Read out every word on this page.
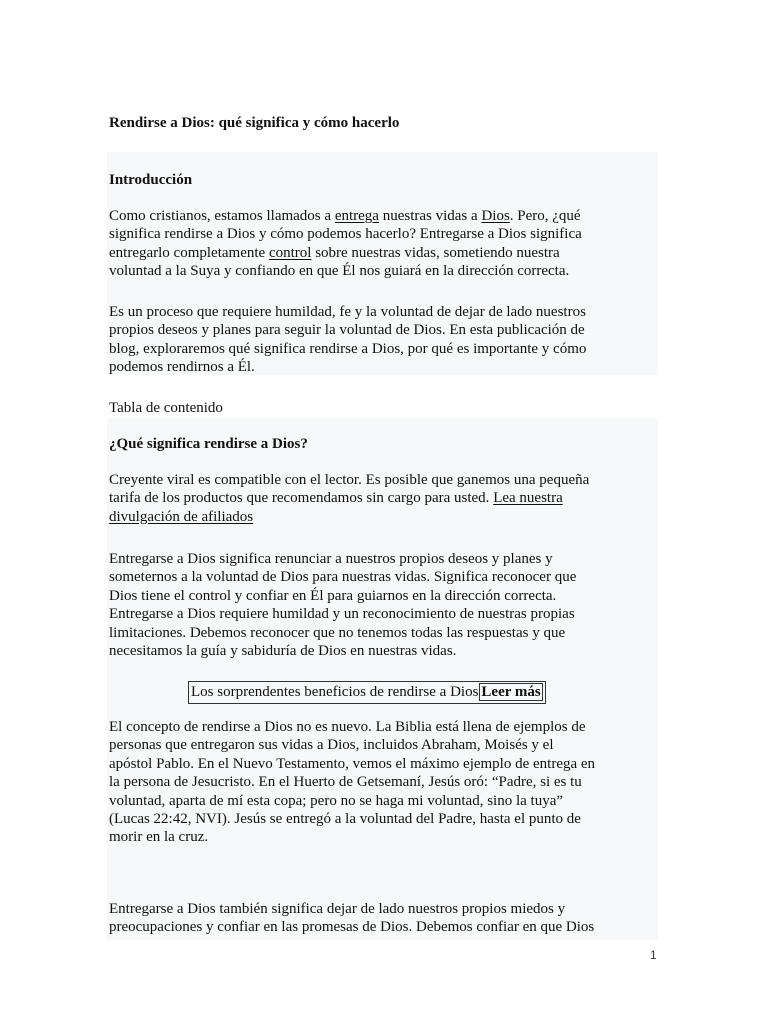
Rendirse a Dios: qué significa y cómo hacerlo
Introducción
Como cristianos, estamos llamados a entrega nuestras vidas a Dios. Pero, ¿qué
significa rendirse a Dios y cómo podemos hacerlo? Entregarse a Dios significa
entregarlo completamente control sobre nuestras vidas, sometiendo nuestra
voluntad a la Suya y confiando en que Él nos guiará en la dirección correcta.
Es un proceso que requiere humildad, fe y la voluntad de dejar de lado nuestros
propios deseos y planes para seguir la voluntad de Dios. En esta publicación de
blog, exploraremos qué significa rendirse a Dios, por qué es importante y cómo
podemos rendirnos a Él.
Tabla de contenido
¿Qué significa rendirse a Dios?
Creyente viral es compatible con el lector. Es posible que ganemos una pequeña
tarifa de los productos que recomendamos sin cargo para usted. Lea nuestra
divulgación de afiliados
Entregarse a Dios significa renunciar a nuestros propios deseos y planes y
someternos a la voluntad de Dios para nuestras vidas. Significa reconocer que
Dios tiene el control y confiar en Él para guiarnos en la dirección correcta.
Entregarse a Dios requiere humildad y un reconocimiento de nuestras propias
limitaciones. Debemos reconocer que no tenemos todas las respuestas y que
necesitamos la guía y sabiduría de Dios en nuestras vidas.
Los sorprendentes beneficios de rendirse a Dios Leer más
El concepto de rendirse a Dios no es nuevo. La Biblia está llena de ejemplos de
personas que entregaron sus vidas a Dios, incluidos Abraham, Moisés y el
apóstol Pablo. En el Nuevo Testamento, vemos el máximo ejemplo de entrega en
la persona de Jesucristo. En el Huerto de Getsemaní, Jesús oró: “Padre, si es tu
voluntad, aparta de mí esta copa; pero no se haga mi voluntad, sino la tuya”
(Lucas 22:42, NVI). Jesús se entregó a la voluntad del Padre, hasta el punto de
morir en la cruz.
Entregarse a Dios también significa dejar de lado nuestros propios miedos y
preocupaciones y confiar en las promesas de Dios. Debemos confiar en que Dios
1
